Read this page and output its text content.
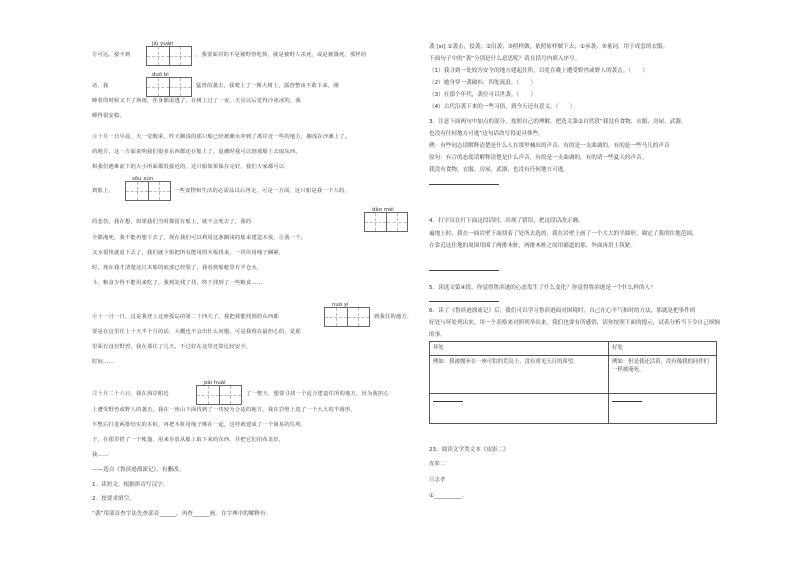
方可远。接不到
jiù yuán
，我要面对的不是被野兽吃掉，就是被野人杀死，或是被饿死，那样的
话，我
duō bì
猛兽的袭击，我爬上了一棵大树上，露营整夜不敢下来，刚
睡着的时候又下了场雨，浑身都湿透了，在树上过了一夜，天亮以后觉得冷冰冰的，我
睡得很安稳。
③十月一日早晨，天一觉醒来，昨天搁浅的那只船已经被潮水冲到了离岸近一些的地方，搁浅在沙滩上了。
的地方，这一方面说明我们很多东西都还在船上了，退潮时我可以到那船上去取东西，
和我们遇难前下的大小所面都很接近的，这只船如果保存完好，我们大家都可以
到船上，
sōu xún
一些食物和生活的必需品以后再走，可是一方面，这只船是我一个人的，
的悲伤，我在想，如果我们当时都留在船上，就不会死去了，我的
dào méi
全都淹死，我不能再想下去了，现在我们可以利用这条搁浅的船来建造木筏，让我一个，
又水很快就退下去了，我们就下船把所有能用的木板找来，一块块用绳子捆紧，
时，现在我才清楚这只木船的底部已经裂了，我看到船舱里有半仓水，
斗，粮食少得不能用来吃了，我到处找了找，终于找到了一些粮食……
④十一月一日，这是我登上这座孤岛的第二十四天了，我把我能找到的东西都
nuó yí
到我住的地方，
要是在这里住上十天半个月的话，大概也不会出什么问题，可是我现在最担心的，是那
里面有没有野兽，我在那住了几天，不过好在这里还算比较安全，
时间……
⑤十月二十六日，我在海岸附近
pái huái
了一整天，想要寻找一个适合建造住所的地方，因为我担心
上遭受野兽或野人的袭击，我在一座山下面找到了一块较为合适的地方，我在岩壁上选了一个大大的半圆形，
平整后打进两排结实的木桩，再把木桩用绳子绑在一起，这样就建成了一个简易的住所，
子，在那里搭了一个帐篷，用来存放从船上取下来的东西，并把它们用布盖好，
我……
——选自《鲁滨逊漂流记》，有删改。
1．读短文，根据拼音写汉字。
2．按要求填空。
“袭”用部首查字法先查部首______，再查______画。在字典中的解释有：
袭 [xí] ①袭击，侵袭；②沿袭；③照样做，依照原样做下去；①承袭；⑤量词，用于成套的衣服。
下面句子中的“袭”分别是什么意思呢？请在括号内填入序号。
（1）我寻到一处较为安全的地方建起住所，以免在晚上遭受野兽或野人的袭击。（　　）
（2）她身穿一袭破衫，四处流浪。（　　）
（3）在那个年代，袭位可以世袭。（　　）
（4）古代沿袭下来的一些习俗，到今天还有意义。（　　）
3．注意下面两句中加点的部分，按照自己的理解，把选文第②自然段“我没有食物、衣服、房屋、武器，
也没有任何地方可逃”这句话改写得更具体些。
例：有些同志请解释清楚是什么人在那里喊出的声音，有的是一支曲调的，有的是一些马儿的声音
原句：有合的态度请解释清楚是什么声音，有的是一支曲调的，有的请一些夏天的声音。
我没有食物，衣服，房屋，武器，也没有任何地方可逃。
4．打字员在打下面这段话时，出现了错误，把这段话改正确。
遍地上时，我在一面岩壁下面找着了处所去选的，我在岩壁上画了一个大大的半圆形，圈定了我的住地范围，
在靠近这住地的周围用围了两排木桩，两排木桩之间用铺道的那，外面再用土筑紧。
5．读选文第④段，你觉得鲁滨逊的心态发生了什么变化？你觉得鲁滨逊是一个什么样的人？
6．读了《鲁滨逊漂流记》后，我们可以学习鲁滨逊面对困境时，自己在心平气和时的方法，那就是把事件的
好处与坏处列出来，用一个表格来对照列举出来，我们也要有所感悟，请你按照下面的提示，试着分析当下令自己烦恼
的事。
坏处	好处
例如：我被抛弃在一座可怕的荒岛上，没有重见天日的希望。	例如：但是我还活着，没有像我的同伴们一样被淹死。

23．阅读文学类文本《皮影二》
皮影二
吕志孝
①__________。
